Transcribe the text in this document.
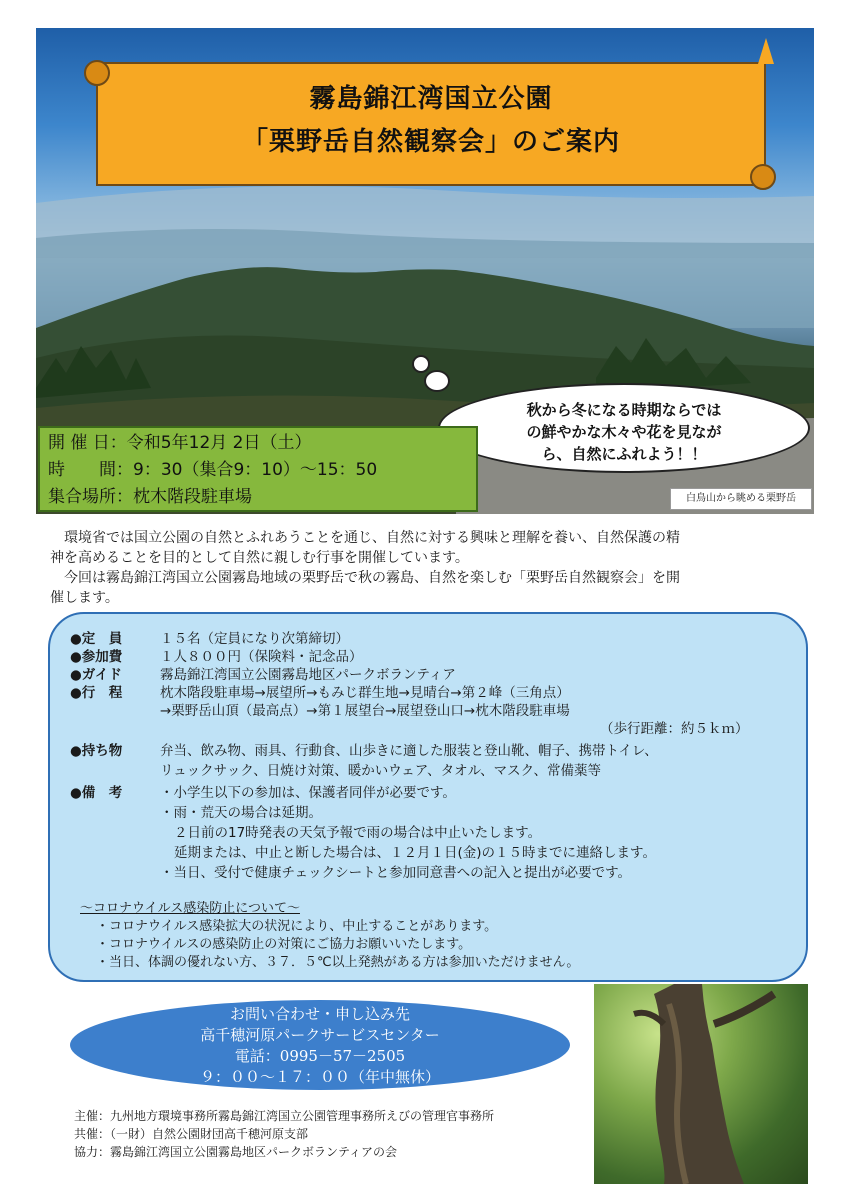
霧島錦江湾国立公園
「栗野岳自然観察会」のご案内
秋から冬になる時期ならでは
の鮮やかな木々や花を見なが
ら、自然にふれよう！！
開 催 日：令和5年12月 2日（土）
時　　間：9：30（集合9：10）〜15：50
集合場所：枕木階段駐車場	白鳥山から眺める栗野岳
　環境省では国立公園の自然とふれあうことを通じ、自然に対する興味と理解を養い、自然保護の精
神を高めることを目的として自然に親しむ行事を開催しています。
　今回は霧島錦江湾国立公園霧島地域の栗野岳で秋の霧島、自然を楽しむ「栗野岳自然観察会」を開
催します。
●定　員	１５名（定員になり次第締切）
●参加費	１人８００円（保険料・記念品）
●ガイド	霧島錦江湾国立公園霧島地区パークボランティア
●行　程	枕木階段駐車場→展望所→もみじ群生地→見晴台→第２峰（三角点）
→栗野岳山頂（最高点）→第１展望台→展望登山口→枕木階段駐車場
（歩行距離：約５ｋｍ）
●持ち物	弁当、飲み物、雨具、行動食、山歩きに適した服装と登山靴、帽子、携帯トイレ、
リュックサック、日焼け対策、暖かいウェア、タオル、マスク、常備薬等
●備　考	・小学生以下の参加は、保護者同伴が必要です。
・雨・荒天の場合は延期。
２日前の17時発表の天気予報で雨の場合は中止いたします。
延期または、中止と断した場合は、１２月１日(金)の１５時までに連絡します。
・当日、受付で健康チェックシートと参加同意書への記入と提出が必要です。
〜コロナウイルス感染防止について〜
・コロナウイルス感染拡大の状況により、中止することがあります。
・コロナウイルスの感染防止の対策にご協力お願いいたします。
・当日、体調の優れない方、３７．５℃以上発熱がある方は参加いただけません。
お問い合わせ・申し込み先
高千穂河原パークサービスセンター
電話：0995－57－2505
９：００〜１７：００（年中無休）
主催：九州地方環境事務所霧島錦江湾国立公園管理事務所えびの管理官事務所
共催：（一財）自然公園財団高千穂河原支部
協力：霧島錦江湾国立公園霧島地区パークボランティアの会
